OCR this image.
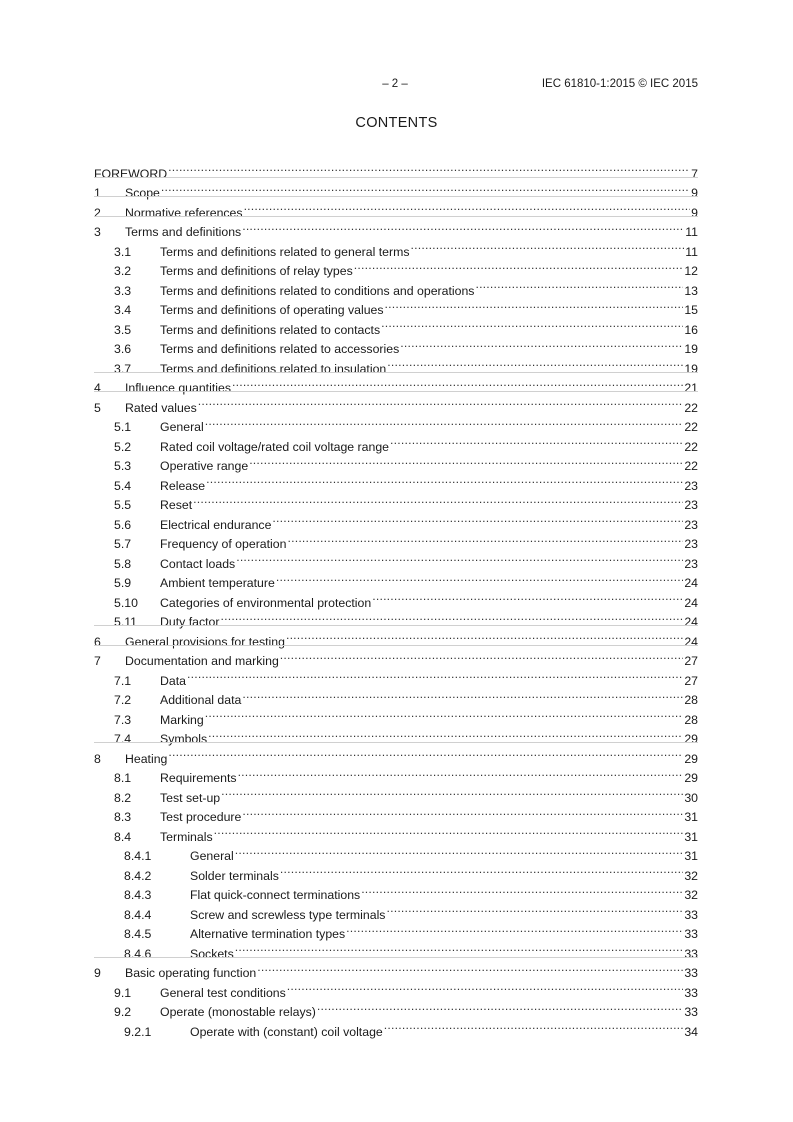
– 2 –	IEC 61810-1:2015 © IEC 2015
CONTENTS
FOREWORD .....	7
1	Scope .....	9
2	Normative references .....	9
3	Terms and definitions .....	11
3.1	Terms and definitions related to general terms .....	11
3.2	Terms and definitions of relay types .....	12
3.3	Terms and definitions related to conditions and operations .....	13
3.4	Terms and definitions of operating values .....	15
3.5	Terms and definitions related to contacts .....	16
3.6	Terms and definitions related to accessories .....	19
3.7	Terms and definitions related to insulation .....	19
4	Influence quantities .....	21
5	Rated values .....	22
5.1	General .....	22
5.2	Rated coil voltage/rated coil voltage range .....	22
5.3	Operative range .....	22
5.4	Release .....	23
5.5	Reset .....	23
5.6	Electrical endurance .....	23
5.7	Frequency of operation .....	23
5.8	Contact loads .....	23
5.9	Ambient temperature .....	24
5.10	Categories of environmental protection .....	24
5.11	Duty factor .....	24
6	General provisions for testing .....	24
7	Documentation and marking .....	27
7.1	Data .....	27
7.2	Additional data .....	28
7.3	Marking .....	28
7.4	Symbols .....	29
8	Heating .....	29
8.1	Requirements .....	29
8.2	Test set-up .....	30
8.3	Test procedure .....	31
8.4	Terminals .....	31
8.4.1	General .....	31
8.4.2	Solder terminals .....	32
8.4.3	Flat quick-connect terminations .....	32
8.4.4	Screw and screwless type terminals .....	33
8.4.5	Alternative termination types .....	33
8.4.6	Sockets .....	33
9	Basic operating function .....	33
9.1	General test conditions .....	33
9.2	Operate (monostable relays) .....	33
9.2.1	Operate with (constant) coil voltage .....	34
